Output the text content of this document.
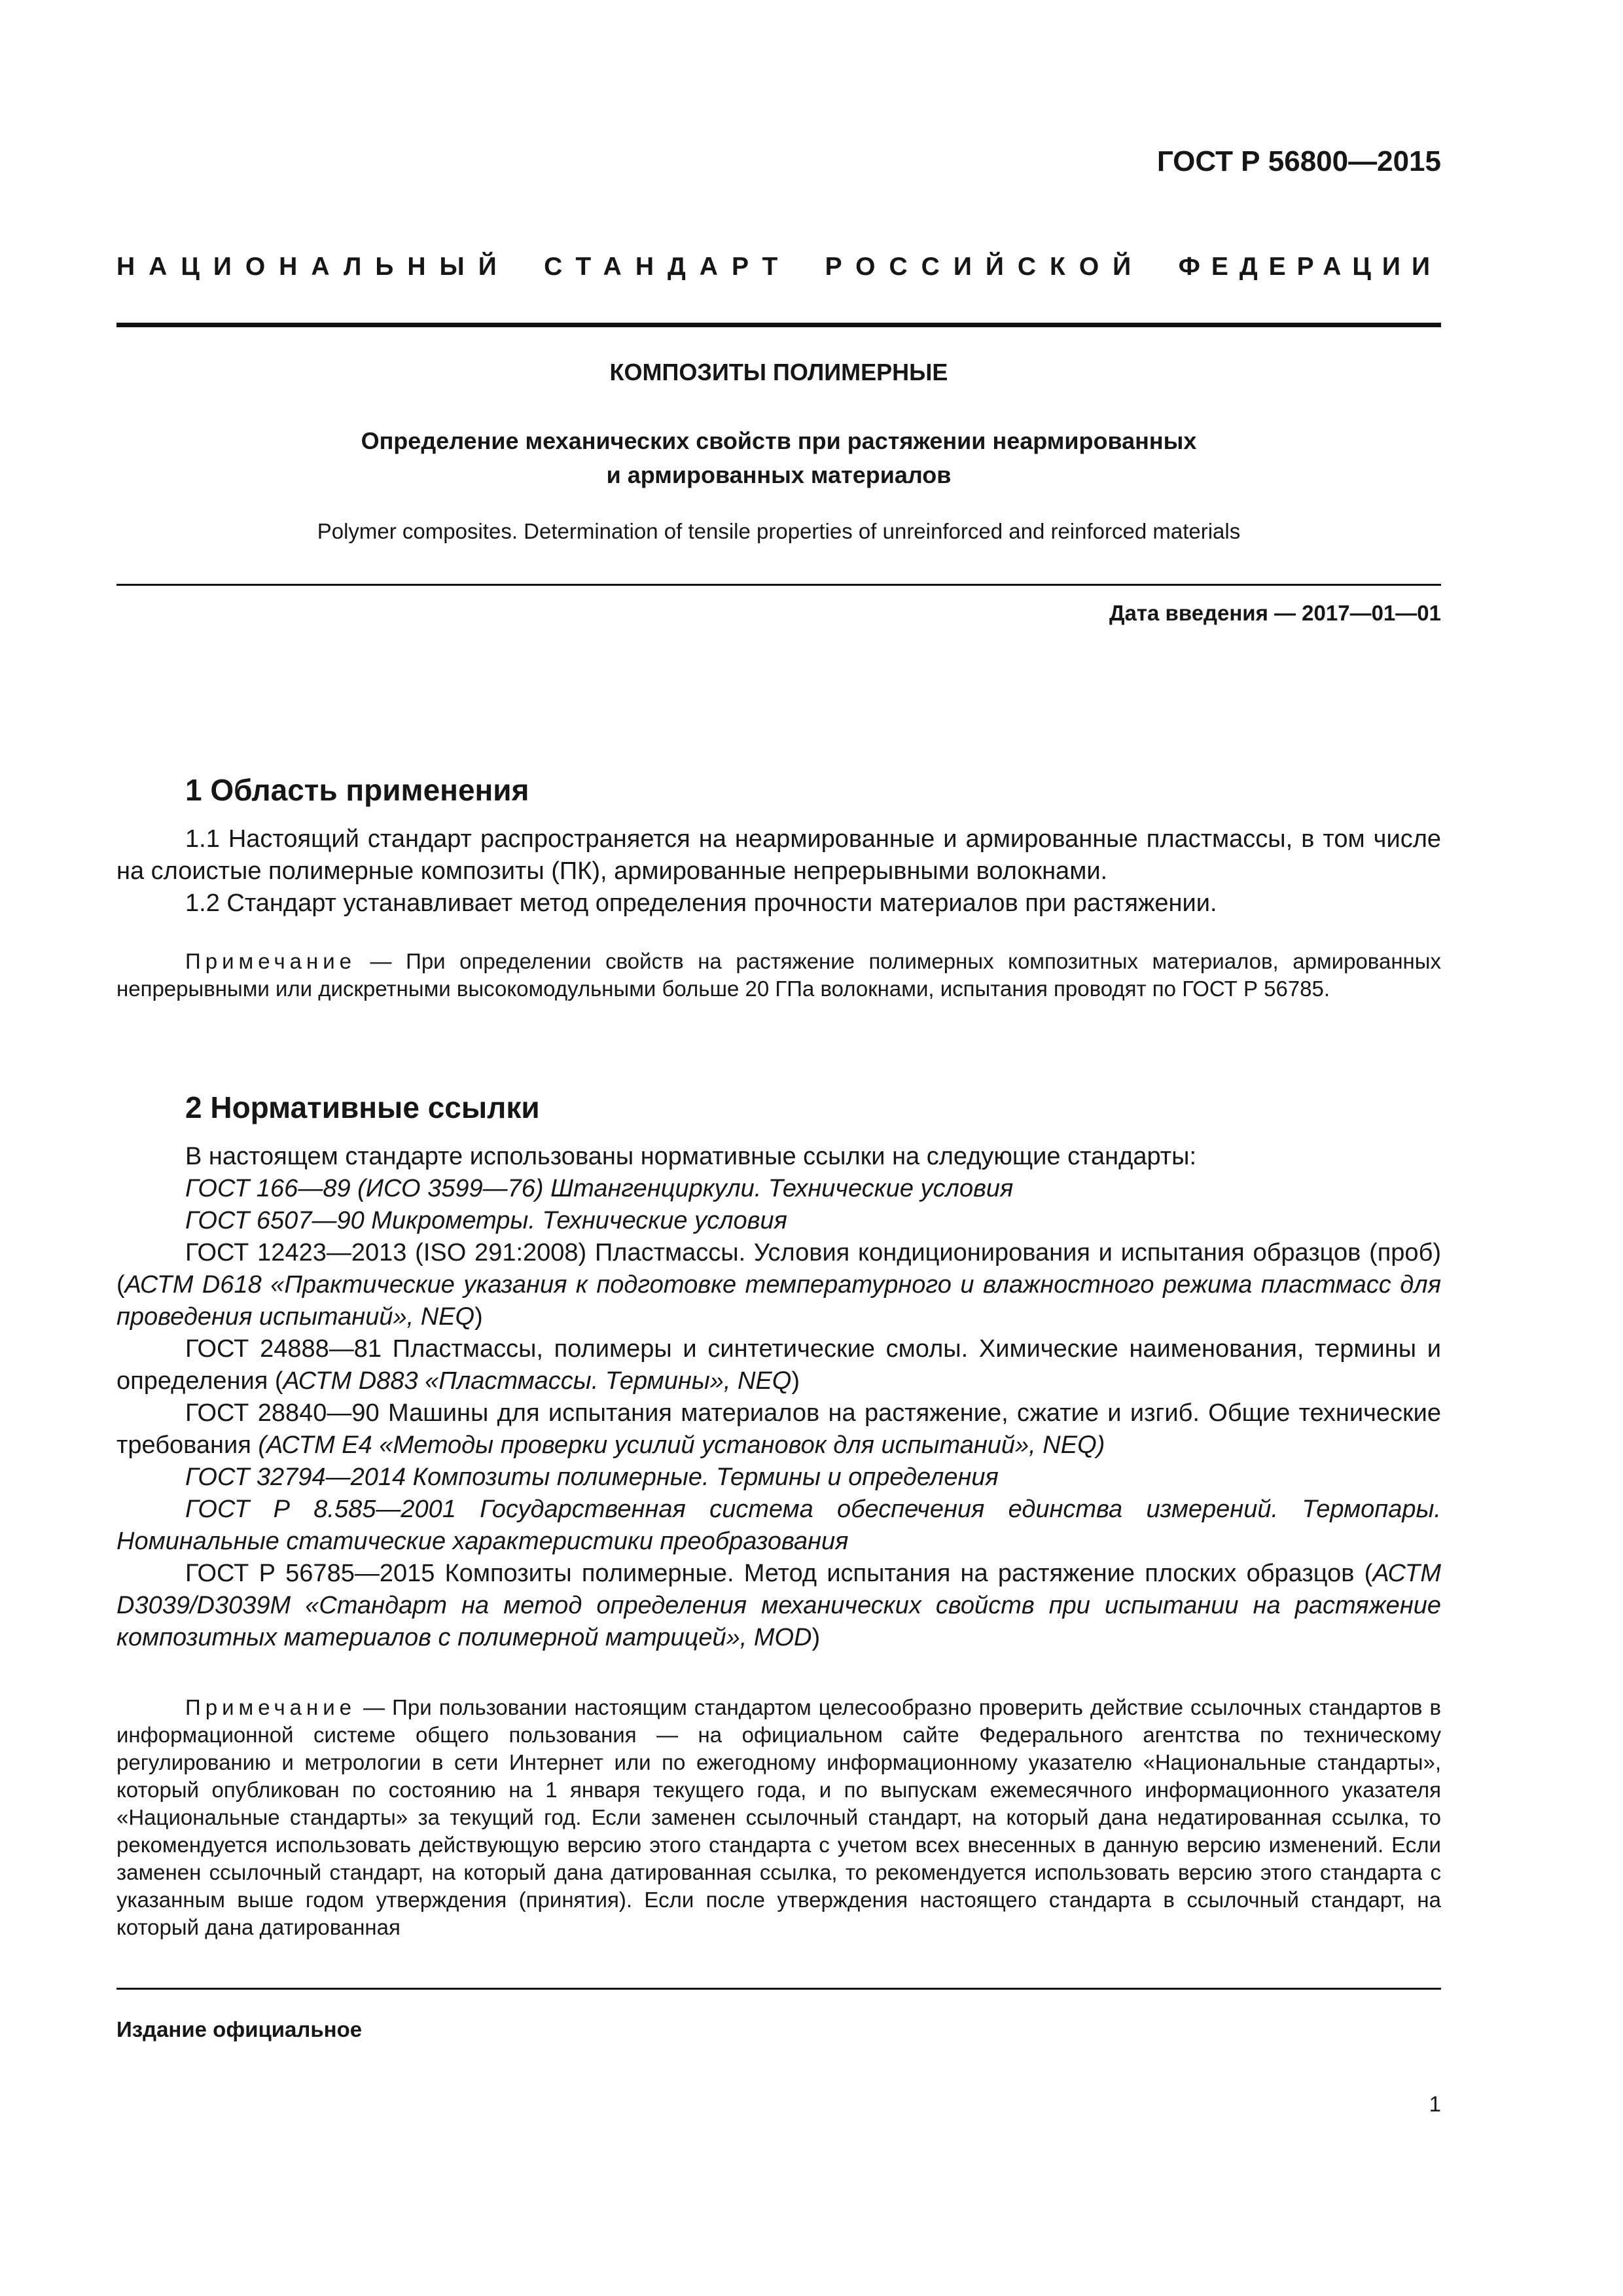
ГОСТ Р 56800—2015
НАЦИОНАЛЬНЫЙ СТАНДАРТ РОССИЙСКОЙ ФЕДЕРАЦИИ
КОМПОЗИТЫ ПОЛИМЕРНЫЕ
Определение механических свойств при растяжении неармированных
и армированных материалов
Polymer composites. Determination of tensile properties of unreinforced and reinforced materials
Дата введения — 2017—01—01
1 Область применения

1.1 Настоящий стандарт распространяется на неармированные и армированные пластмассы, в том числе на слоистые полимерные композиты (ПК), армированные непрерывными волокнами.

1.2 Стандарт устанавливает метод определения прочности материалов при растяжении.

Примечание — При определении свойств на растяжение полимерных композитных материалов, армированных непрерывными или дискретными высокомодульными больше 20 ГПа волокнами, испытания проводят по ГОСТ Р 56785.

2 Нормативные ссылки

В настоящем стандарте использованы нормативные ссылки на следующие стандарты:

ГОСТ 166—89 (ИСО 3599—76) Штангенциркули. Технические условия

ГОСТ 6507—90 Микрометры. Технические условия

ГОСТ 12423—2013 (ISO 291:2008) Пластмассы. Условия кондиционирования и испытания образцов (проб) (АСТМ D618 «Практические указания к подготовке температурного и влажностного режима пластмасс для проведения испытаний», NEQ)

ГОСТ 24888—81 Пластмассы, полимеры и синтетические смолы. Химические наименования, термины и определения (АСТМ D883 «Пластмассы. Термины», NEQ)

ГОСТ 28840—90 Машины для испытания материалов на растяжение, сжатие и изгиб. Общие технические требования (АСТМ Е4 «Методы проверки усилий установок для испытаний», NEQ)

ГОСТ 32794—2014 Композиты полимерные. Термины и определения

ГОСТ Р 8.585—2001 Государственная система обеспечения единства измерений. Термопары. Номинальные статические характеристики преобразования

ГОСТ Р 56785—2015 Композиты полимерные. Метод испытания на растяжение плоских образцов (АСТМ D3039/D3039M «Стандарт на метод определения механических свойств при испытании на растяжение композитных материалов с полимерной матрицей», MOD)

Примечание — При пользовании настоящим стандартом целесообразно проверить действие ссылочных стандартов в информационной системе общего пользования — на официальном сайте Федерального агентства по техническому регулированию и метрологии в сети Интернет или по ежегодному информационному указателю «Национальные стандарты», который опубликован по состоянию на 1 января текущего года, и по выпускам ежемесячного информационного указателя «Национальные стандарты» за текущий год. Если заменен ссылочный стандарт, на который дана недатированная ссылка, то рекомендуется использовать действующую версию этого стандарта с учетом всех внесенных в данную версию изменений. Если заменен ссылочный стандарт, на который дана датированная ссылка, то рекомендуется использовать версию этого стандарта с указанным выше годом утверждения (принятия). Если после утверждения настоящего стандарта в ссылочный стандарт, на который дана датированная

Издание официальное
1
